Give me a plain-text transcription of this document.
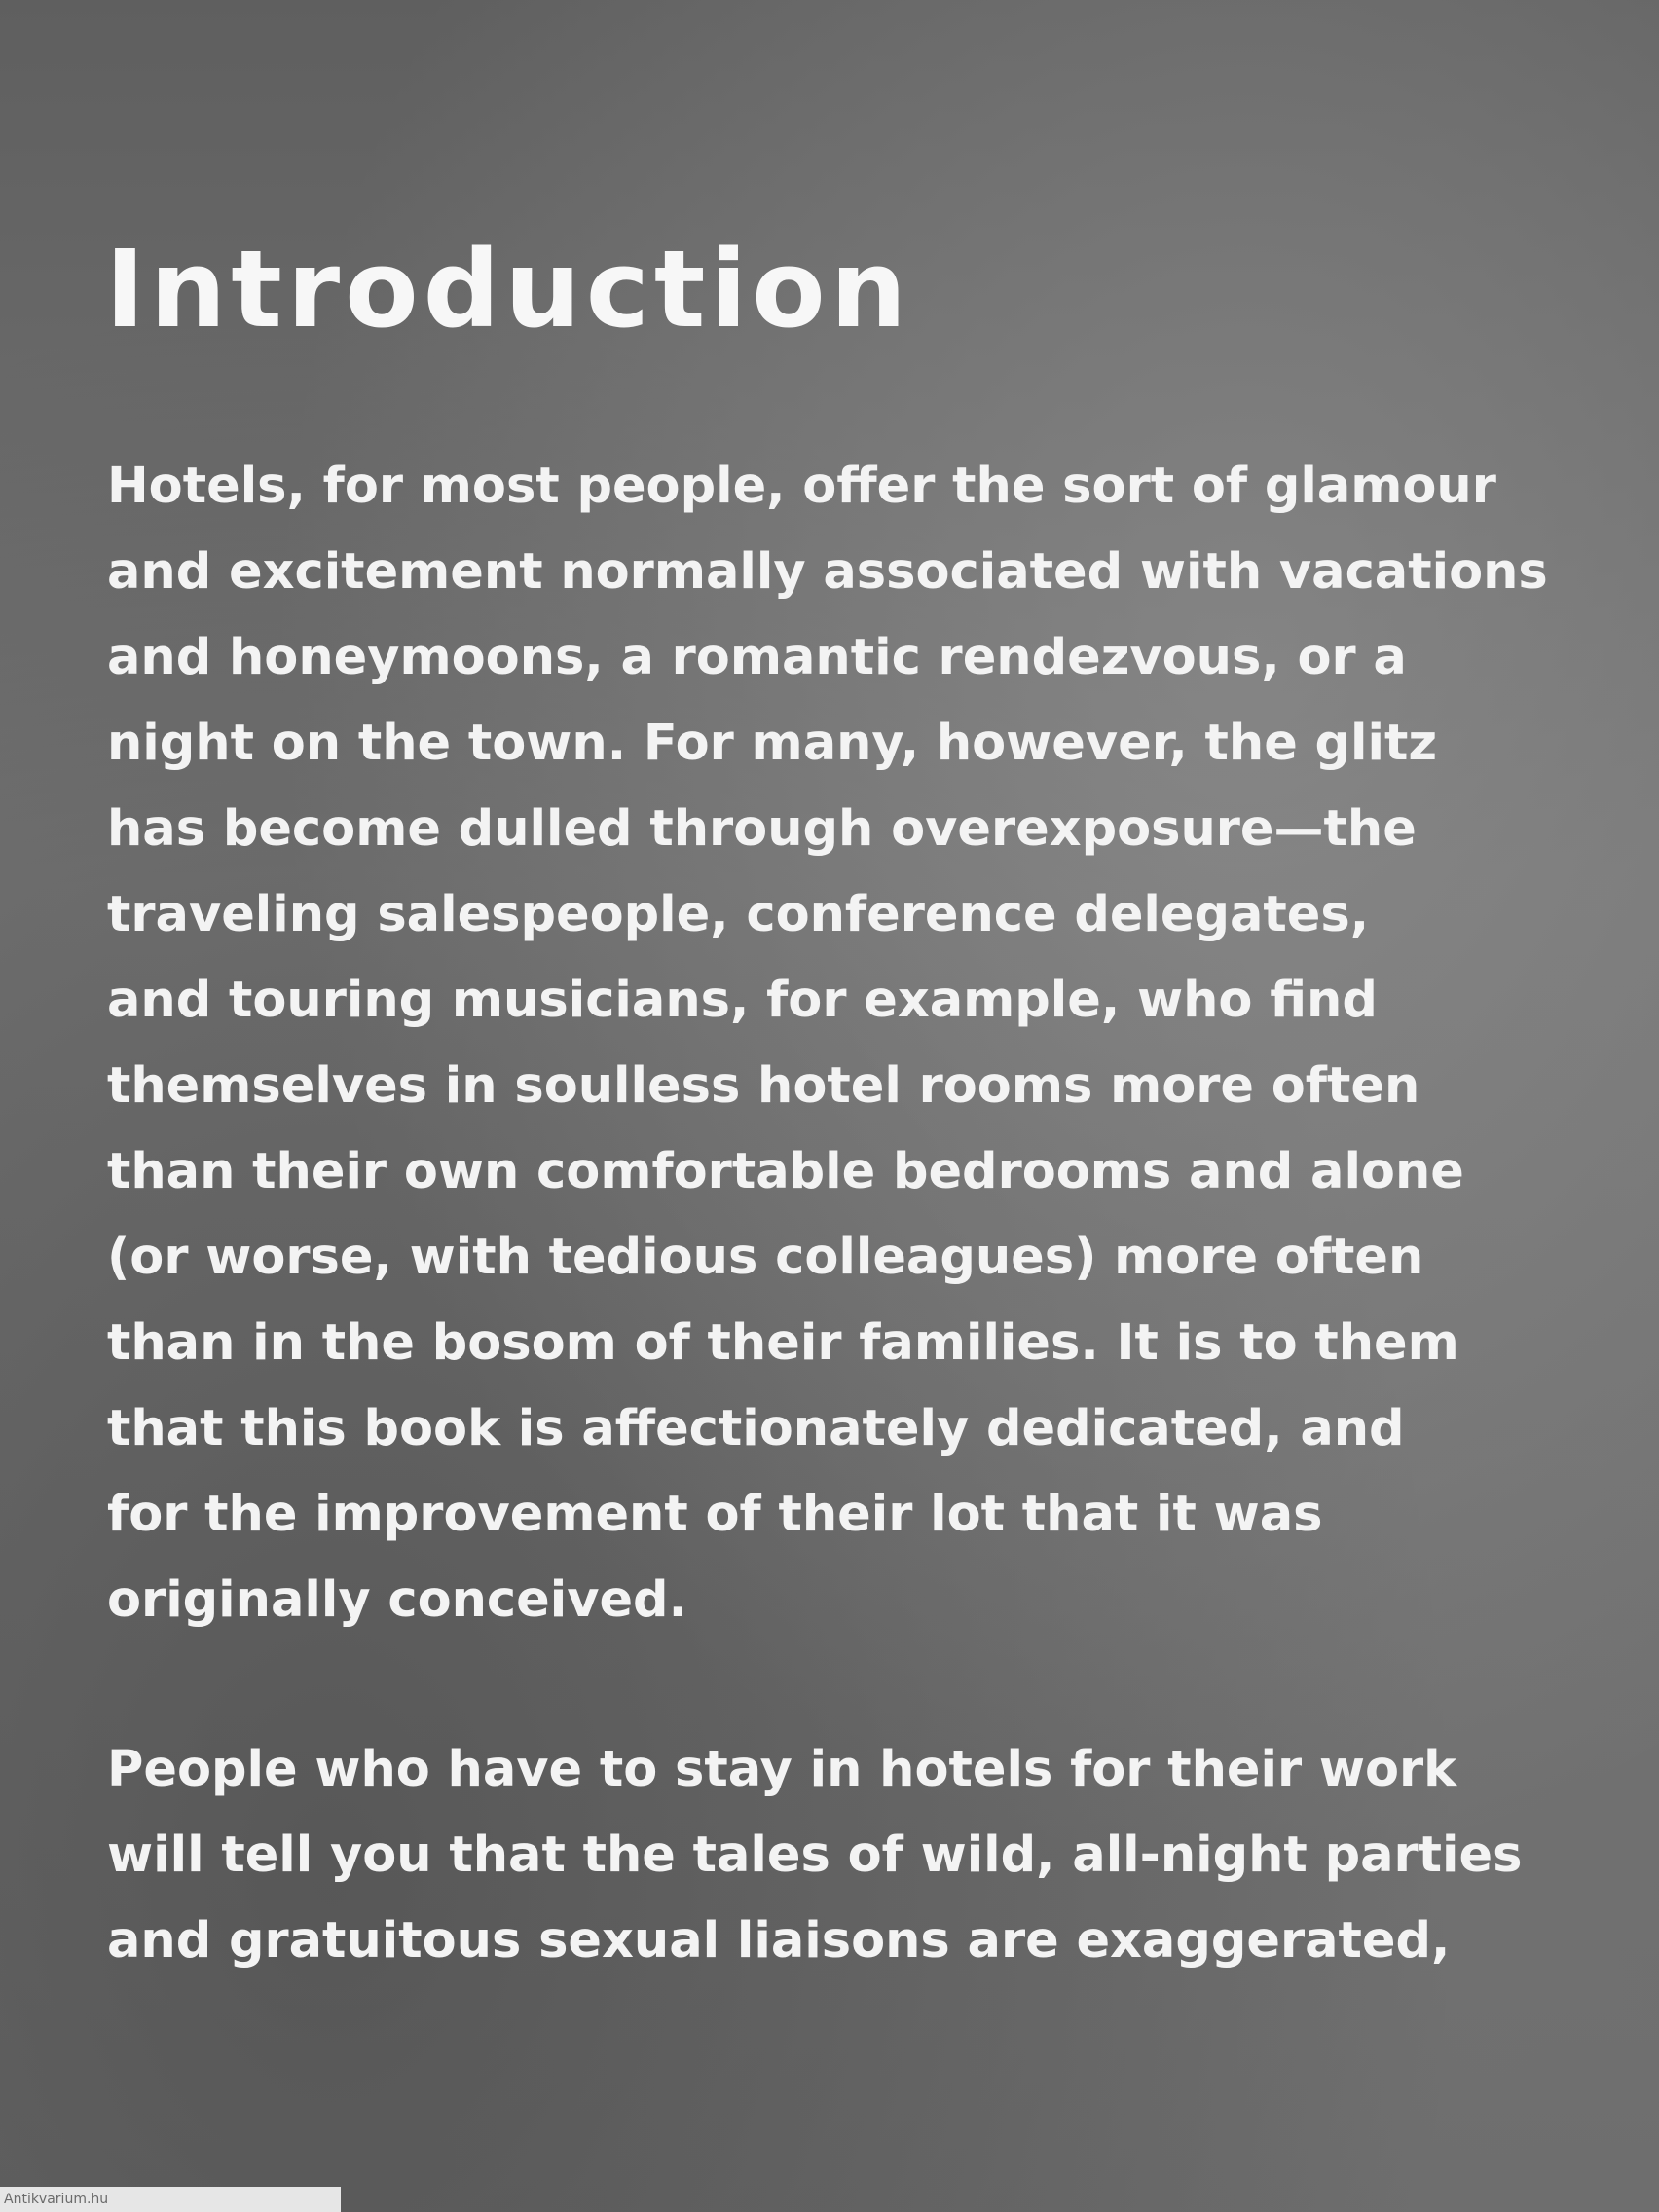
Introduction

Hotels, for most people, offer the sort of glamour
and excitement normally associated with vacations
and honeymoons, a romantic rendezvous, or a
night on the town. For many, however, the glitz
has become dulled through overexposure—the
traveling salespeople, conference delegates,
and touring musicians, for example, who find
themselves in soulless hotel rooms more often
than their own comfortable bedrooms and alone
(or worse, with tedious colleagues) more often
than in the bosom of their families. It is to them
that this book is affectionately dedicated, and
for the improvement of their lot that it was
originally conceived.

People who have to stay in hotels for their work
will tell you that the tales of wild, all-night parties
and gratuitous sexual liaisons are exaggerated,

Antikvarium.hu
